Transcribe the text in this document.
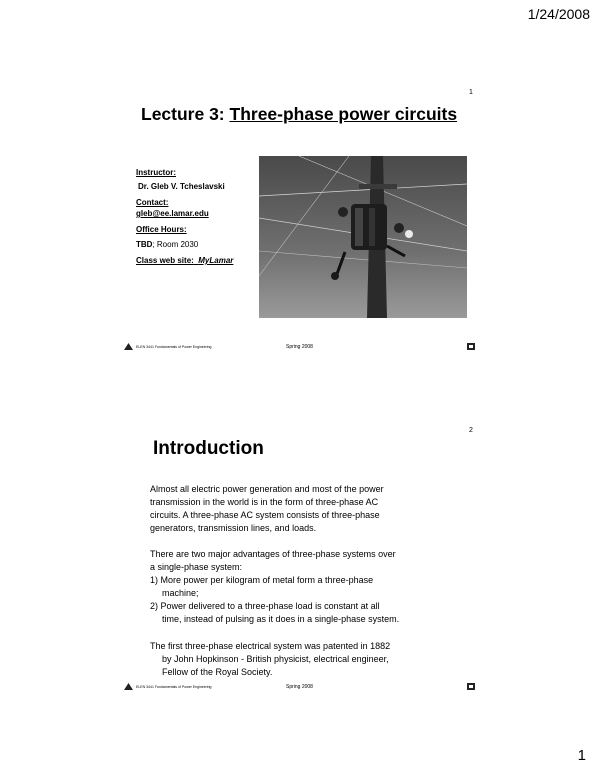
1/24/2008
1
Lecture 3: Three-phase power circuits
Instructor:
Dr. Gleb V. Tcheslavski
Contact:
gleb@ee.lamar.edu
Office Hours:
TBD; Room 2030
Class web site: MyLamar
ELEN 3441 Fundamentals of Power Engineering	Spring 2008
2
Introduction
Almost all electric power generation and most of the power
transmission in the world is in the form of three-phase AC
circuits. A three-phase AC system consists of three-phase
generators, transmission lines, and loads.
There are two major advantages of three-phase systems over
a single-phase system:
1) More power per kilogram of metal form a three-phase
machine;
2) Power delivered to a three-phase load is constant at all
time, instead of pulsing as it does in a single-phase system.
The first three-phase electrical system was patented in 1882
by John Hopkinson - British physicist, electrical engineer,
Fellow of the Royal Society.
ELEN 3441 Fundamentals of Power Engineering	Spring 2008
1
